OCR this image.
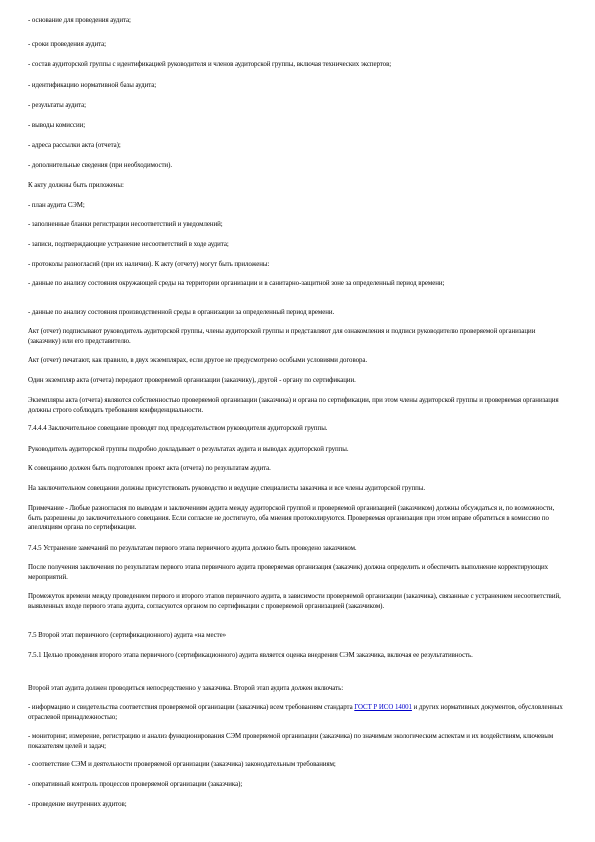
- основание для проведения аудита;
- сроки проведения аудита;
- состав аудиторской группы с идентификацией руководителя и членов аудиторской группы, включая технических экспертов;
- идентификацию нормативной базы аудита;
- результаты аудита;
- выводы комиссии;
- адреса рассылки акта (отчета);
- дополнительные сведения (при необходимости).
К акту должны быть приложены:
- план аудита СЭМ;
- заполненные бланки регистрации несоответствий и уведомлений;
- записи, подтверждающие устранение несоответствий в ходе аудита;
- протоколы разногласий (при их наличии). К акту (отчету) могут быть приложены:
- данные по анализу состояния окружающей среды на территории организации и в санитарно-защитной зоне за определенный период времени;
- данные по анализу состояния производственной среды в организации за определенный период времени.
Акт (отчет) подписывают руководитель аудиторской группы, члены аудиторской группы и представляют для ознакомления и подписи руководителю проверяемой организации (заказчику) или его представителю.
Акт (отчет) печатают, как правило, в двух экземплярах, если другое не предусмотрено особыми условиями договора.
Один экземпляр акта (отчета) передают проверяемой организации (заказчику), другой - органу по сертификации.
Экземпляры акта (отчета) являются собственностью проверяемой организации (заказчика) и органа по сертификации, при этом члены аудиторской группы и проверяемая организация должны строго соблюдать требования конфиденциальности.
7.4.4.4 Заключительное совещание проводят под председательством руководителя аудиторской группы.
Руководитель аудиторской группы подробно докладывает о результатах аудита и выводах аудиторской группы.
К совещанию должен быть подготовлен проект акта (отчета) по результатам аудита.
На заключительном совещании должны присутствовать руководство и ведущие специалисты заказчика и все члены аудиторской группы.
Примечание - Любые разногласия по выводам и заключениям аудита между аудиторской группой и проверяемой организацией (заказчиком) должны обсуждаться и, по возможности, быть разрешены до заключительного совещания. Если согласие не достигнуто, оба мнения протоколируются. Проверяемая организация при этом вправе обратиться в комиссию по апелляциям органа по сертификации.
7.4.5 Устранение замечаний по результатам первого этапа первичного аудита должно быть проведено заказчиком.
После получения заключения по результатам первого этапа первичного аудита проверяемая организация (заказчик) должна определить и обеспечить выполнение корректирующих мероприятий.
Промежуток времени между проведением первого и второго этапов первичного аудита, в зависимости проверяемой организации (заказчика), связанные с устранением несоответствий, выявленных входе первого этапа аудита, согласуются органом по сертификации с проверяемой организацией (заказчиком).
7.5 Второй этап первичного (сертификационного) аудита «на месте»
7.5.1 Целью проведения второго этапа первичного (сертификационного) аудита является оценка внедрения СЭМ заказчика, включая ее результативность.
Второй этап аудита должен проводиться непосредственно у заказчика. Второй этап аудита должен включать:
- информацию и свидетельства соответствия проверяемой организации (заказчика) всем требованиям стандарта ГОСТ Р ИСО 14001 и других нормативных документов, обусловленных отраслевой принадлежностью;
- мониторинг, измерение, регистрацию и анализ функционирования СЭМ проверяемой организации (заказчика) по значимым экологическим аспектам и их воздействиям, ключевым показателям целей и задач;
- соответствие СЭМ и деятельности проверяемой организации (заказчика) законодательным требованиям;
- оперативный контроль процессов проверяемой организации (заказчика);
- проведение внутренних аудитов;
